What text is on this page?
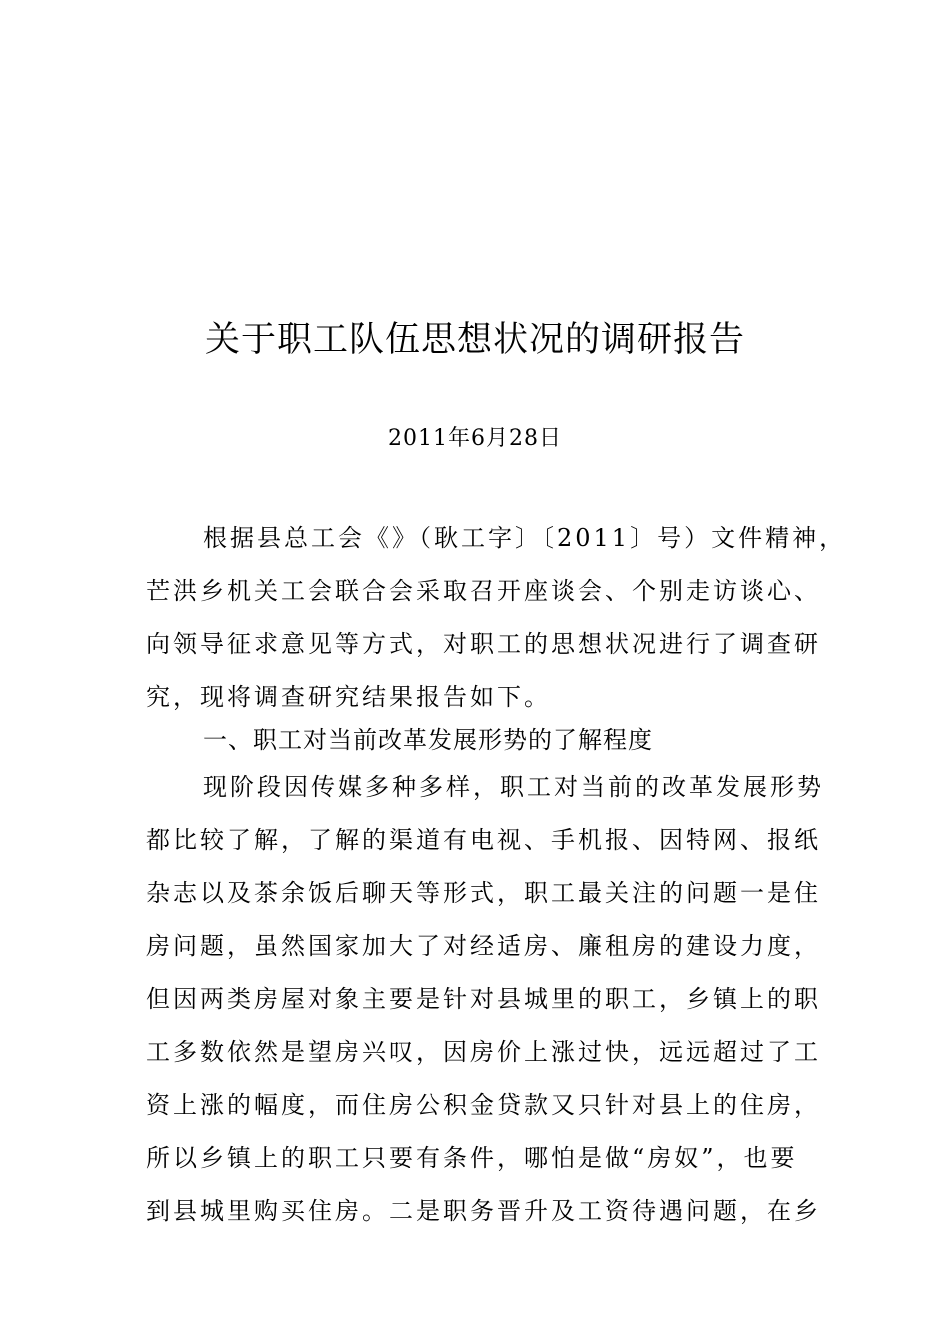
关于职工队伍思想状况的调研报告
2011年6月28日
根据县总工会《》（耿工字〕〔2011〕号）文件精神，
芒洪乡机关工会联合会采取召开座谈会、个别走访谈心、
向领导征求意见等方式，对职工的思想状况进行了调查研
究，现将调查研究结果报告如下。
一、职工对当前改革发展形势的了解程度
现阶段因传媒多种多样，职工对当前的改革发展形势
都比较了解，了解的渠道有电视、手机报、因特网、报纸
杂志以及茶余饭后聊天等形式，职工最关注的问题一是住
房问题，虽然国家加大了对经适房、廉租房的建设力度，
但因两类房屋对象主要是针对县城里的职工，乡镇上的职
工多数依然是望房兴叹，因房价上涨过快，远远超过了工
资上涨的幅度，而住房公积金贷款又只针对县上的住房，
所以乡镇上的职工只要有条件，哪怕是做“房奴”，也要
到县城里购买住房。二是职务晋升及工资待遇问题，在乡
